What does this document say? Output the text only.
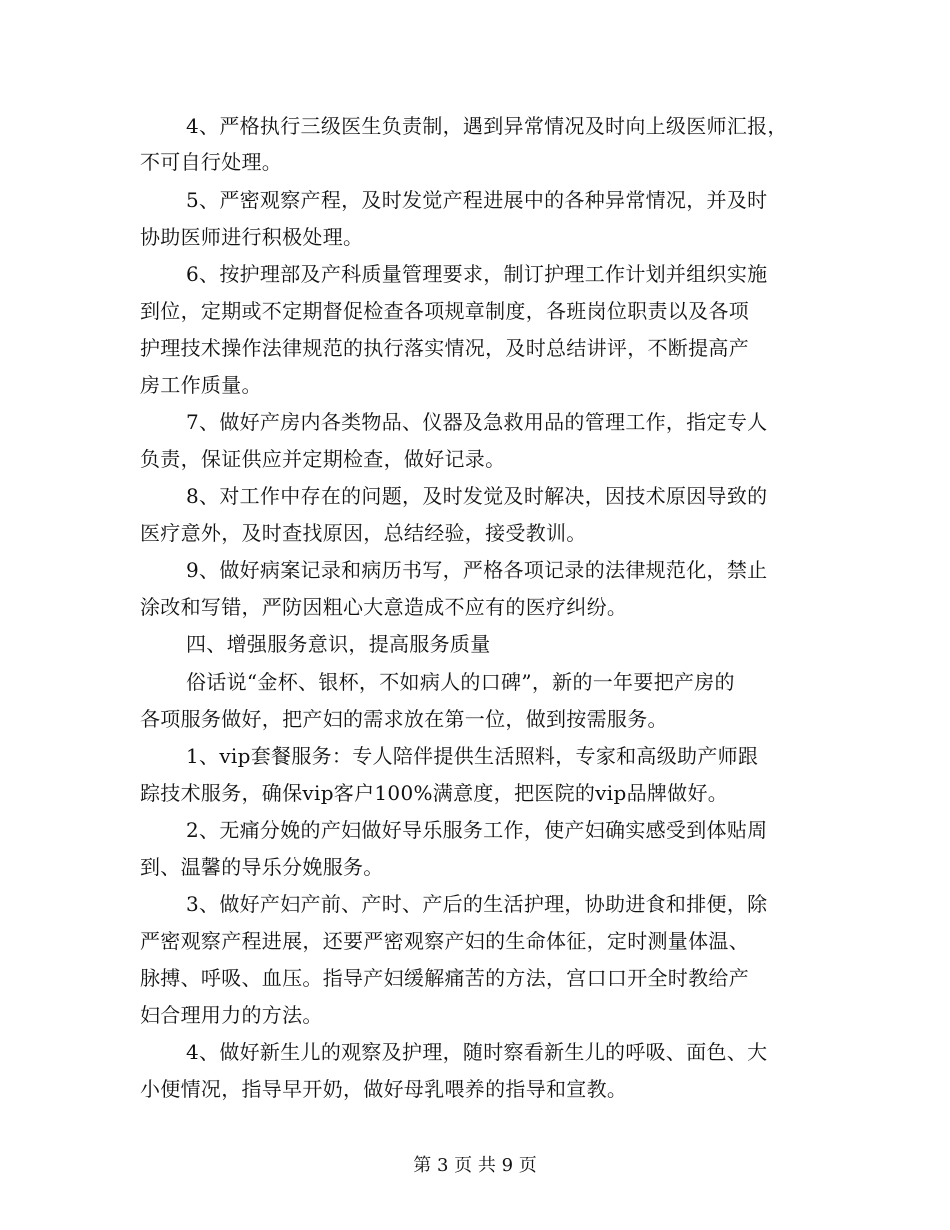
4、严格执行三级医生负责制，遇到异常情况及时向上级医师汇报，
不可自行处理。
5、严密观察产程，及时发觉产程进展中的各种异常情况，并及时
协助医师进行积极处理。
6、按护理部及产科质量管理要求，制订护理工作计划并组织实施
到位，定期或不定期督促检查各项规章制度，各班岗位职责以及各项
护理技术操作法律规范的执行落实情况，及时总结讲评，不断提高产
房工作质量。
7、做好产房内各类物品、仪器及急救用品的管理工作，指定专人
负责，保证供应并定期检查，做好记录。
8、对工作中存在的问题，及时发觉及时解决，因技术原因导致的
医疗意外，及时查找原因，总结经验，接受教训。
9、做好病案记录和病历书写，严格各项记录的法律规范化，禁止
涂改和写错，严防因粗心大意造成不应有的医疗纠纷。
四、增强服务意识，提高服务质量
俗话说“金杯、银杯，不如病人的口碑”，新的一年要把产房的
各项服务做好，把产妇的需求放在第一位，做到按需服务。
1、vip套餐服务：专人陪伴提供生活照料，专家和高级助产师跟
踪技术服务，确保vip客户100%满意度，把医院的vip品牌做好。
2、无痛分娩的产妇做好导乐服务工作，使产妇确实感受到体贴周
到、温馨的导乐分娩服务。
3、做好产妇产前、产时、产后的生活护理，协助进食和排便，除
严密观察产程进展，还要严密观察产妇的生命体征，定时测量体温、
脉搏、呼吸、血压。指导产妇缓解痛苦的方法，宫口口开全时教给产
妇合理用力的方法。
4、做好新生儿的观察及护理，随时察看新生儿的呼吸、面色、大
小便情况，指导早开奶，做好母乳喂养的指导和宣教。
第 3 页 共 9 页
